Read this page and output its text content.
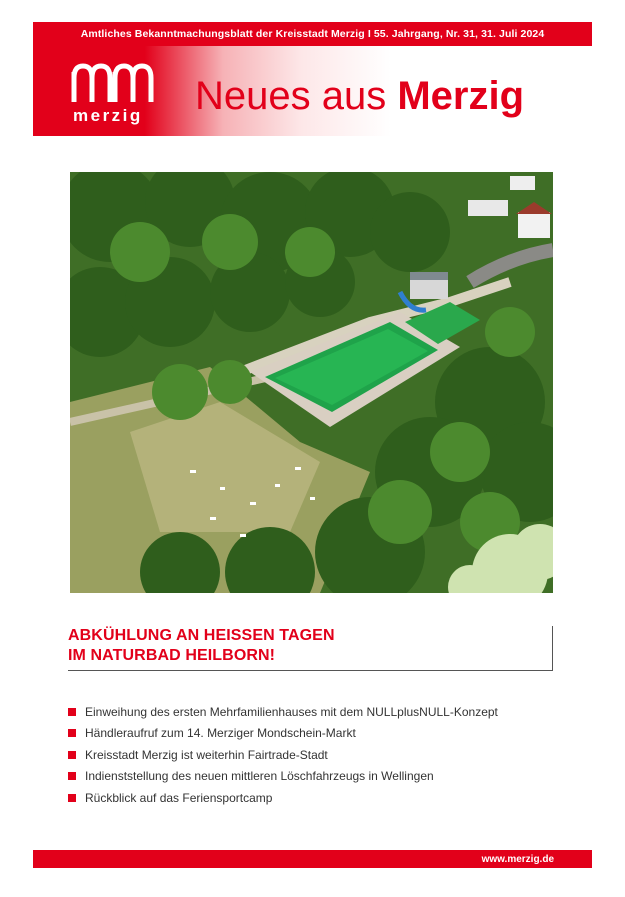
Amtliches Bekanntmachungsblatt der Kreisstadt Merzig I 55. Jahrgang, Nr. 31, 31. Juli 2024
merzig Neues aus Merzig
ABKÜHLUNG AN HEISSEN TAGEN
IM NATURBAD HEILBORN!
Einweihung des ersten Mehrfamilienhauses mit dem NULLplusNULL-Konzept
Händleraufruf zum 14. Merziger Mondschein-Markt
Kreisstadt Merzig ist weiterhin Fairtrade-Stadt
Indienststellung des neuen mittleren Löschfahrzeugs in Wellingen
Rückblick auf das Feriensportcamp
www.merzig.de
